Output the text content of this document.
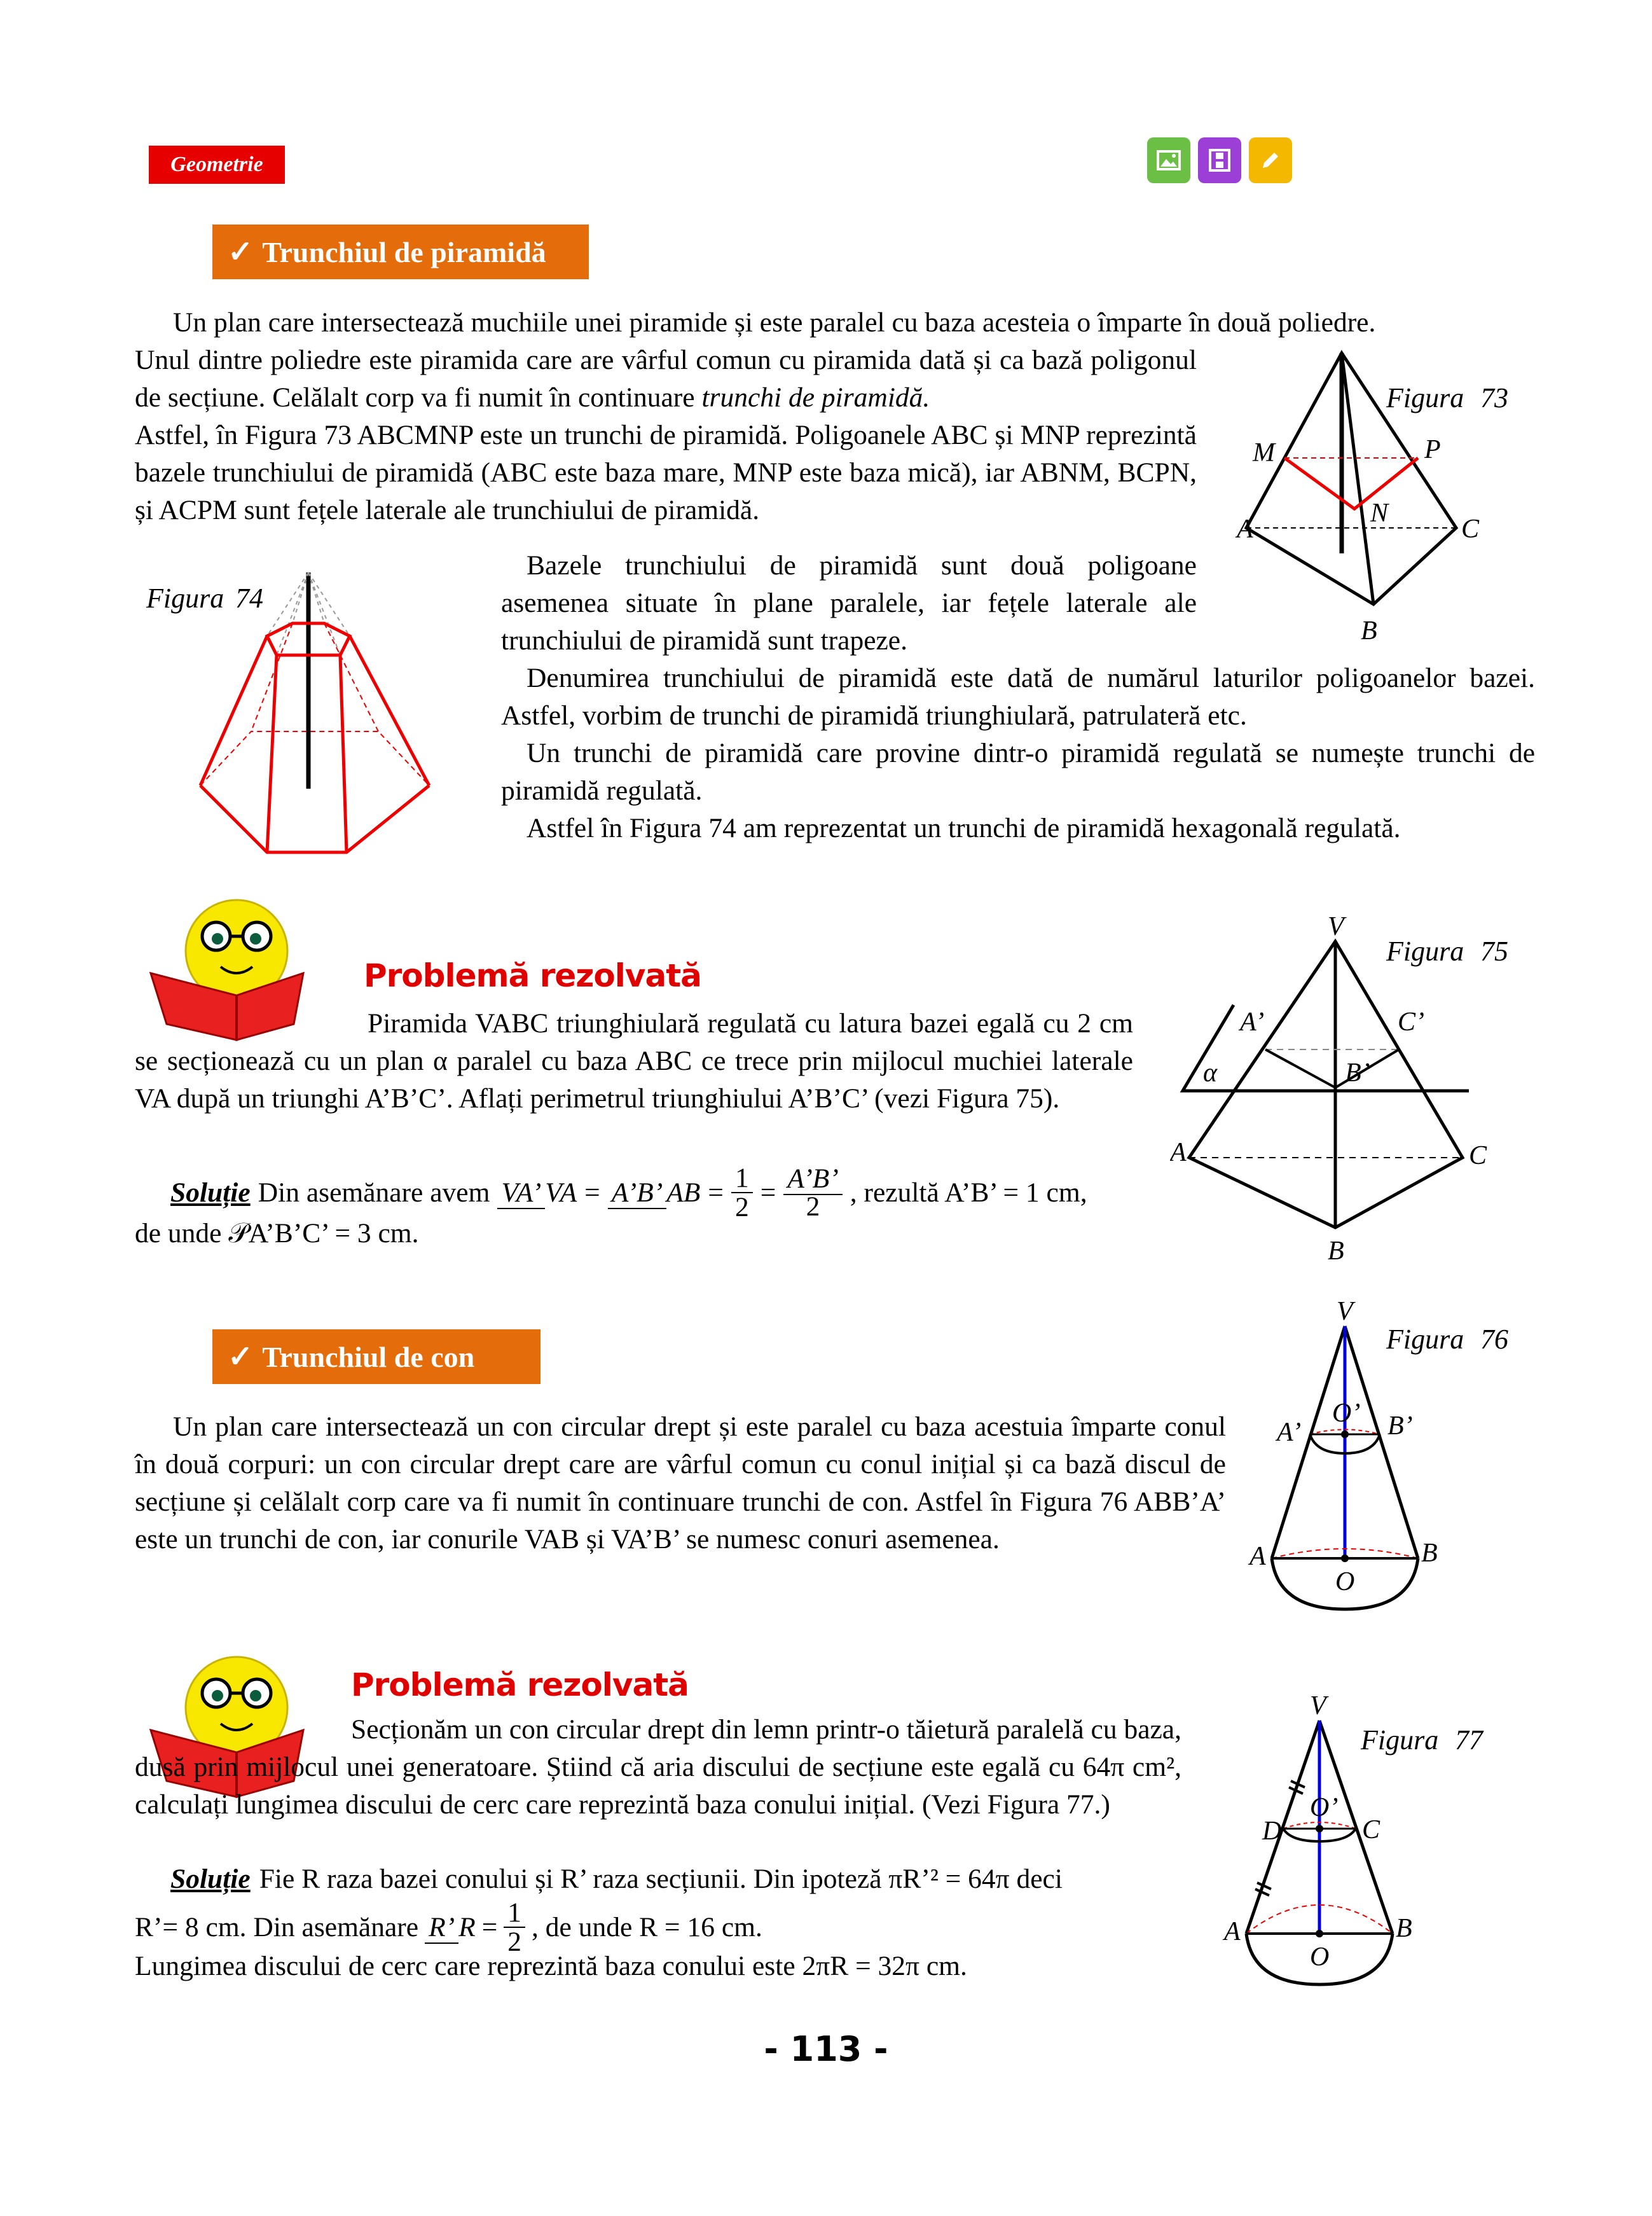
Geometrie
✓ Trunchiul de piramidă
Un plan care intersectează muchiile unei piramide și este paralel cu baza acesteia o împarte în două poliedre.
Unul dintre poliedre este piramida care are vârful comun cu piramida dată și ca bază poligonul de secțiune. Celălalt corp va fi numit în continuare trunchi de piramidă.
Astfel, în Figura 73 ABCMNP este un trunchi de piramidă. Poligoanele ABC și MNP reprezintă bazele trunchiului de piramidă (ABC este baza mare, MNP este baza mică), iar ABNM, BCPN, și ACPM sunt fețele laterale ale trunchiului de piramidă.
Bazele trunchiului de piramidă sunt două poligoane asemenea situate în plane paralele, iar fețele laterale ale trunchiului de piramidă sunt trapeze.
Denumirea trunchiului de piramidă este dată de numărul laturilor poligoanelor bazei. Astfel, vorbim de trunchi de piramidă triunghiulară, patrulateră etc.
Un trunchi de piramidă care provine dintr-o piramidă regulată se numește trunchi de piramidă regulată.
Astfel în Figura 74 am reprezentat un trunchi de piramidă hexagonală regulată.
A
M
N
P
C
B
Figura 73
Figura 74
Problemă rezolvată
Piramida VABC triunghiulară regulată cu latura bazei egală cu 2 cm se secționează cu un plan α paralel cu baza ABC ce trece prin mijlocul muchiei laterale VA după un triunghi A’B’C’. Aflați perimetrul triunghiului A’B’C’ (vezi Figura 75).
Soluție Din asemănare avem VA’ VA = A’B’ AB = $\frac{1}{2} = \frac{A’B’}{2}$ , rezultă A’B’ = 1 cm,
de unde 𝒫A’B’C’ = 3 cm.
V
A’	C’
B’
α
A	C
B
Figura 75
✓ Trunchiul de con
Un plan care intersectează un con circular drept și este paralel cu baza acestuia împarte conul în două corpuri: un con circular drept care are vârful comun cu conul inițial și ca bază discul de secțiune și celălalt corp care va fi numit în continuare trunchi de con. Astfel în Figura 76 ABB’A’ este un trunchi de con, iar conurile VAB și VA’B’ se numesc conuri asemenea.
V
O’
A’	B’
A
O
B
Figura 76
Problemă rezolvată
Secționăm un con circular drept din lemn printr-o tăietură paralelă cu baza, dusă prin mijlocul unei generatoare. Știind că aria discului de secțiune este egală cu 64π cm², calculați lungimea discului de cerc care reprezintă baza conului inițial. (Vezi Figura 77.)
Soluție Fie R raza bazei conului și R’ raza secțiunii. Din ipoteză πR’² = 64π deci
R’= 8 cm. Din asemănare R’ $R = \frac{1}{2}$ , de unde R = 16 cm.
Lungimea discului de cerc care reprezintă baza conului este 2πR = 32π cm.
V
O’
D	C
A
O
B
Figura 77
- 113 -
